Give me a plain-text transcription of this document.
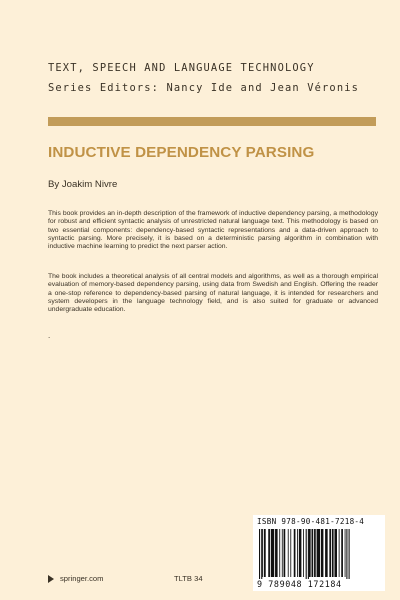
TEXT, SPEECH AND LANGUAGE TECHNOLOGY
Series Editors: Nancy Ide and Jean Véronis
INDUCTIVE DEPENDENCY PARSING
By Joakim Nivre

This book provides an in-depth description of the framework of inductive dependency parsing, a methodology for robust and efficient syntactic analysis of unrestricted natural language text. This methodology is based on two essential components: dependency-based syntactic representations and a data-driven approach to syntactic parsing. More precisely, it is based on a deterministic parsing algorithm in combination with inductive machine learning to predict the next parser action.

The book includes a theoretical analysis of all central models and algorithms, as well as a thorough empirical evaluation of memory-based dependency parsing, using data from Swedish and English. Offering the reader a one-stop reference to dependency-based parsing of natural language, it is intended for researchers and system developers in the language technology field, and is also suited for graduate or advanced undergraduate education.

.
ISBN 978-90-481-7218-4
9 789048 172184
springer.com	TLTB 34
